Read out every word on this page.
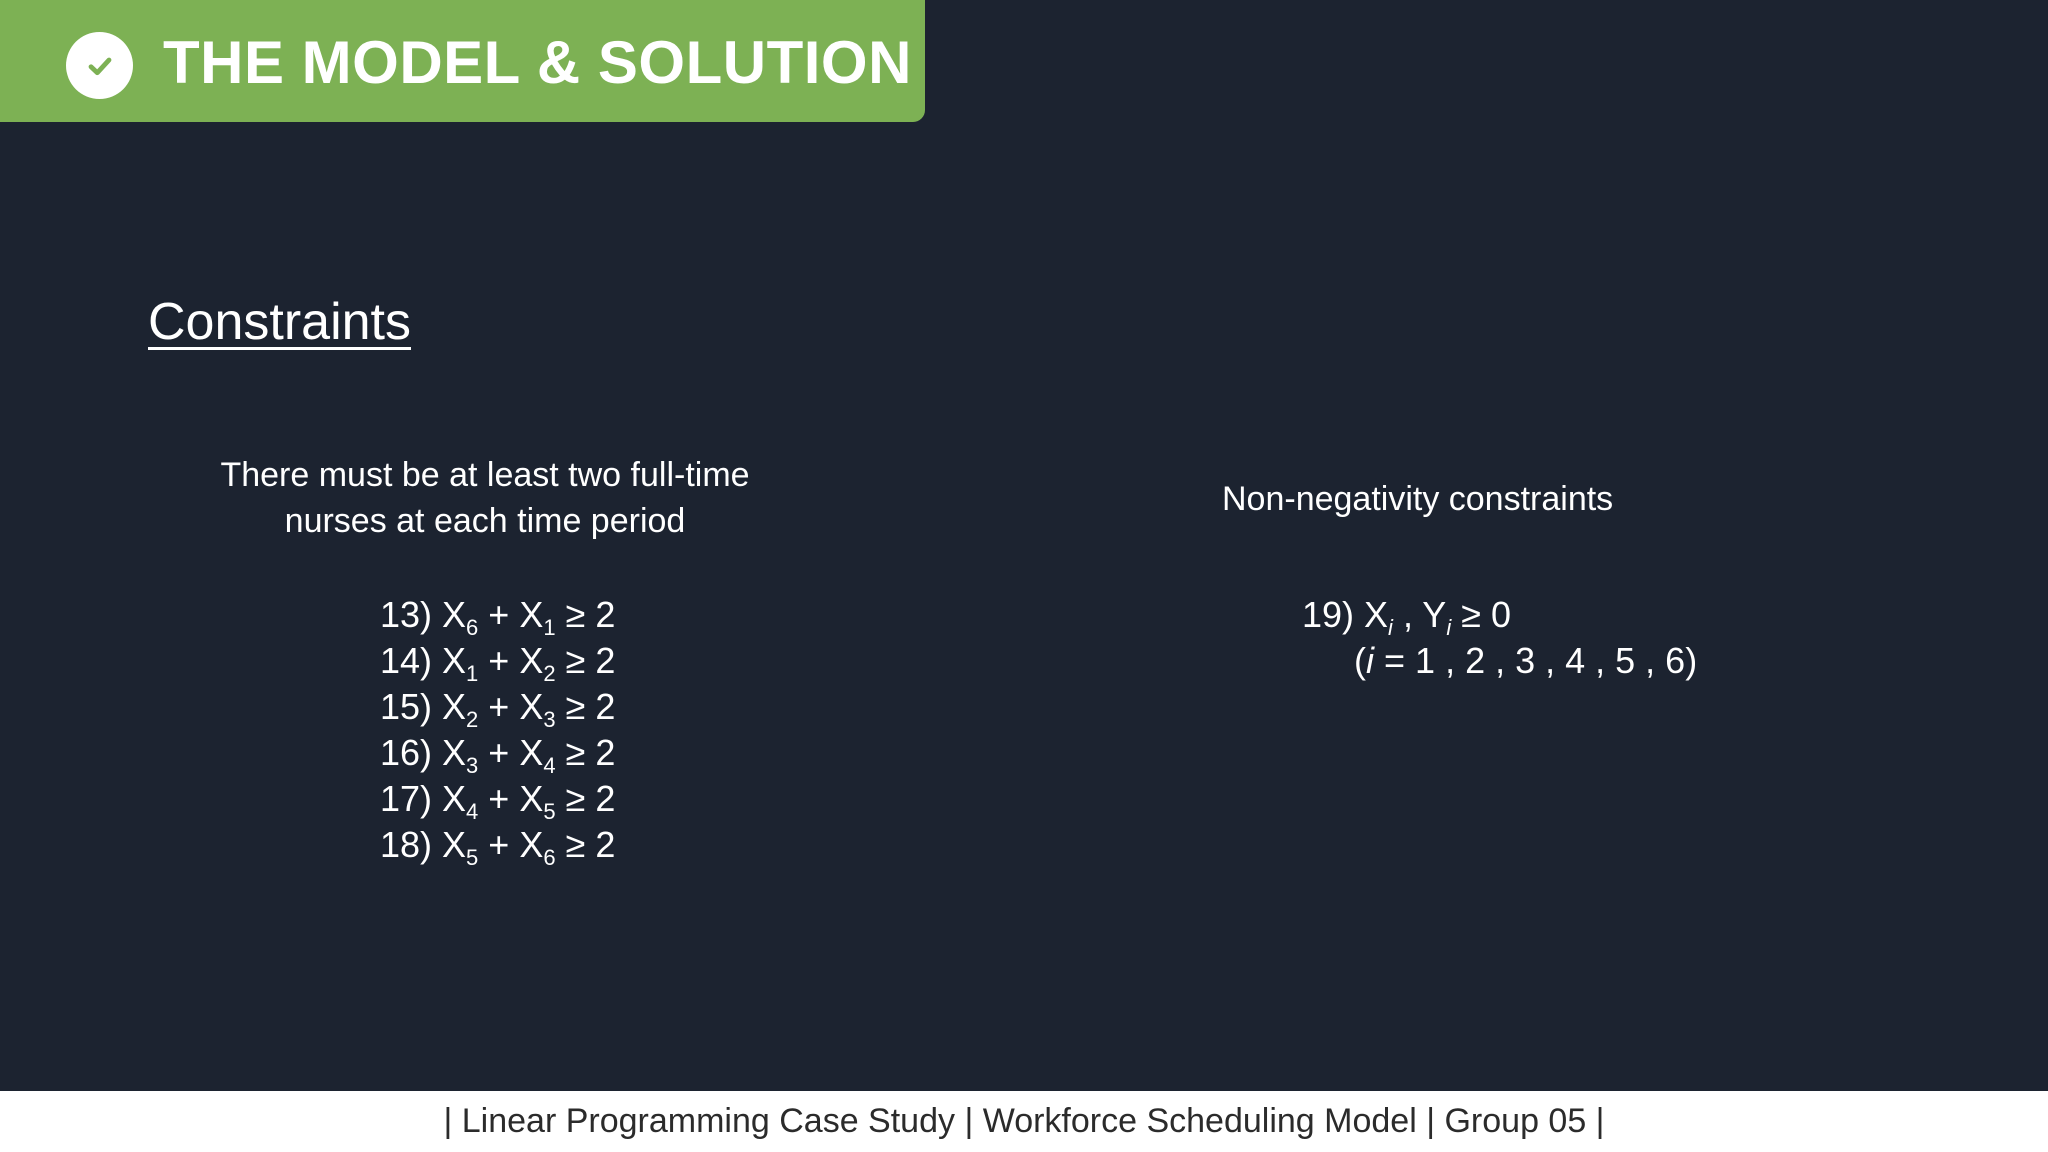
THE MODEL & SOLUTION
Constraints
There must be at least two full-time
nurses at each time period
13) $X_6 + X_1 \ge 2$
14) $X_1 + X_2 \ge 2$
15) $X_2 + X_3 \ge 2$
16) $X_3 + X_4 \ge 2$
17) $X_4 + X_5 \ge 2$
18) $X_5 + X_6 \ge 2$
Non-negativity constraints
19) $X_i$ , $Y_i \ge 0$
(i = 1 , 2 , 3 , 4 , 5 , 6)
| Linear Programming Case Study | Workforce Scheduling Model | Group 05 |
